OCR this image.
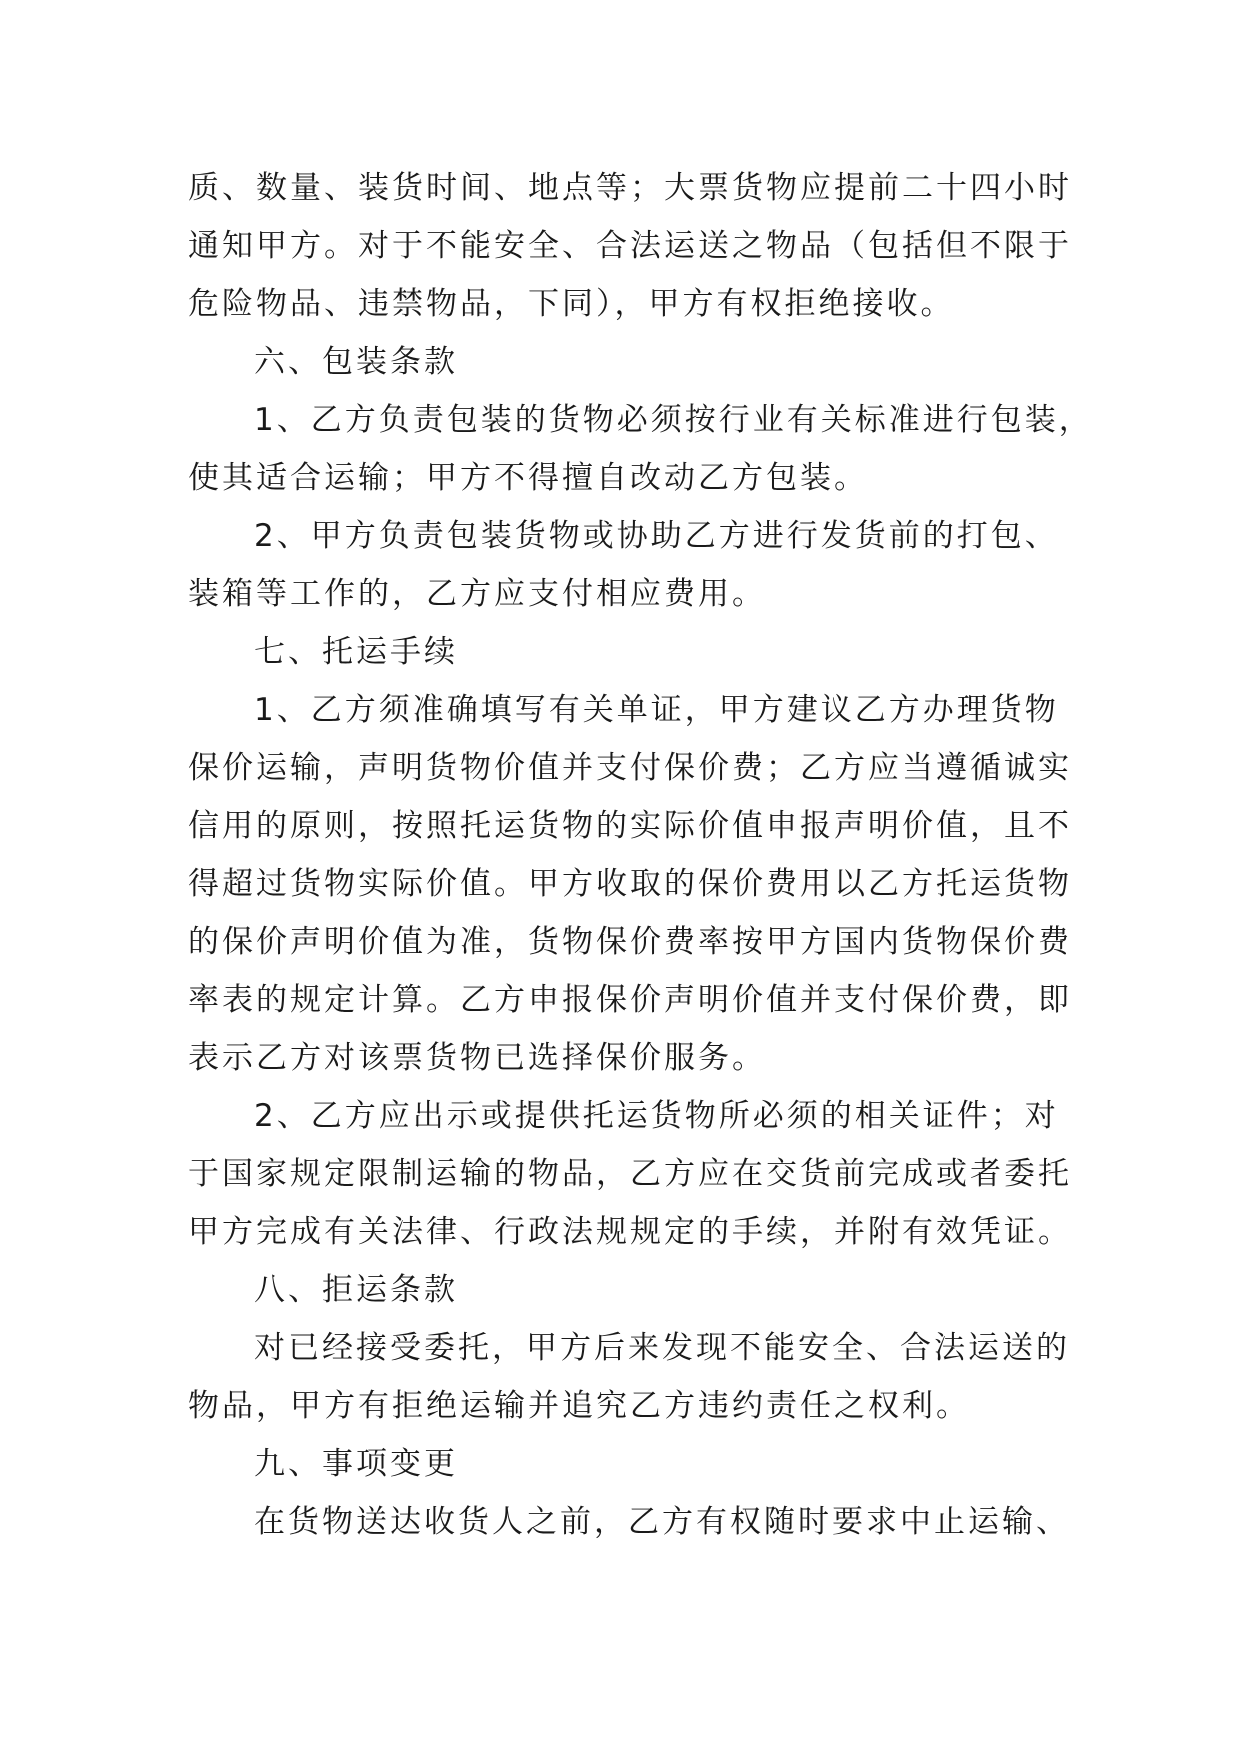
质、数量、装货时间、地点等；大票货物应提前二十四小时
通知甲方。对于不能安全、合法运送之物品（包括但不限于
危险物品、违禁物品，下同），甲方有权拒绝接收。
六、包装条款
1、乙方负责包装的货物必须按行业有关标准进行包装，
使其适合运输；甲方不得擅自改动乙方包装。
2、甲方负责包装货物或协助乙方进行发货前的打包、
装箱等工作的，乙方应支付相应费用。
七、托运手续
1、乙方须准确填写有关单证，甲方建议乙方办理货物
保价运输，声明货物价值并支付保价费；乙方应当遵循诚实
信用的原则，按照托运货物的实际价值申报声明价值，且不
得超过货物实际价值。甲方收取的保价费用以乙方托运货物
的保价声明价值为准，货物保价费率按甲方国内货物保价费
率表的规定计算。乙方申报保价声明价值并支付保价费，即
表示乙方对该票货物已选择保价服务。
2、乙方应出示或提供托运货物所必须的相关证件；对
于国家规定限制运输的物品，乙方应在交货前完成或者委托
甲方完成有关法律、行政法规规定的手续，并附有效凭证。
八、拒运条款
对已经接受委托，甲方后来发现不能安全、合法运送的
物品，甲方有拒绝运输并追究乙方违约责任之权利。
九、事项变更
在货物送达收货人之前，乙方有权随时要求中止运输、
